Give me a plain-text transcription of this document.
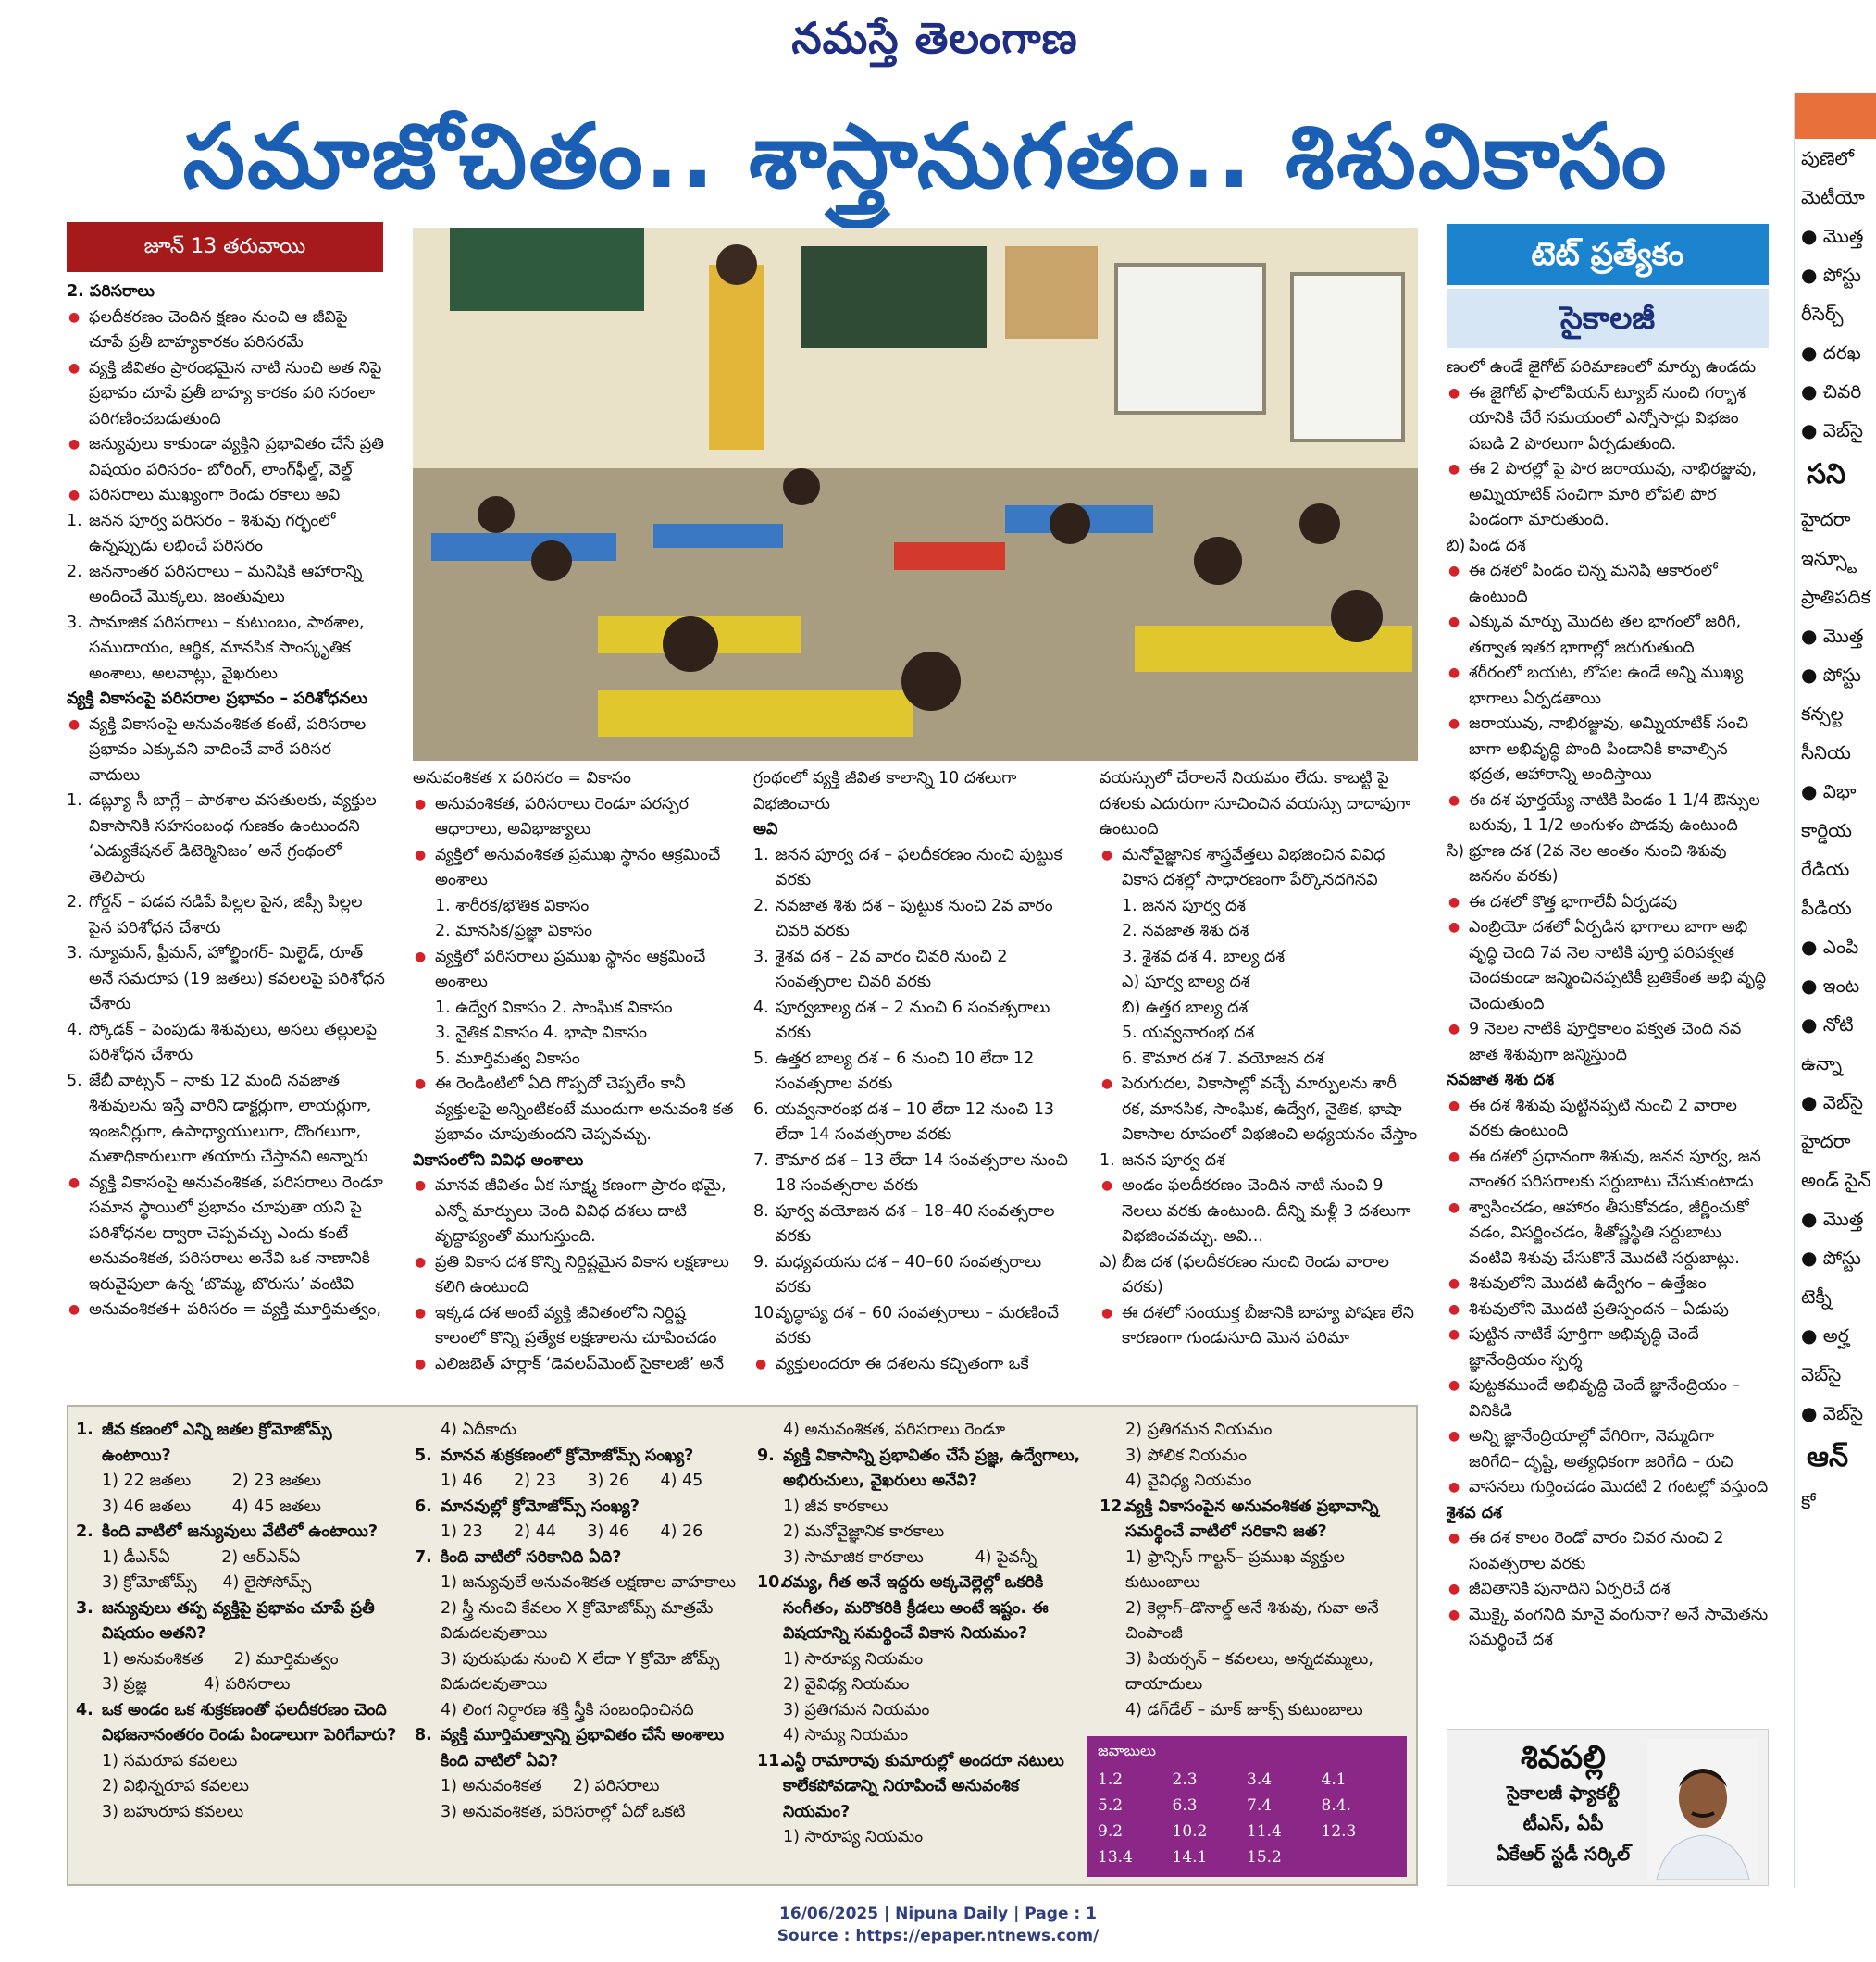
నమస్తే తెలంగాణ
సమాజోచితం.. శాస్త్రానుగతం.. శిశువికాసం
జూన్ 13 తరువాయి	టెట్ ప్రత్యేకం
సైకాలజీ
2. పరిసరాలు
● ఫలదీకరణం చెందిన క్షణం నుంచి ఆ జీవిపై చూపే ప్రతీ బాహ్యకారకం పరిసరమే
● వ్యక్తి జీవితం ప్రారంభమైన నాటి నుంచి అత నిపై ప్రభావం చూపే ప్రతీ బాహ్య కారకం పరి సరంలా పరిగణించబడుతుంది
● జన్యువులు కాకుండా వ్యక్తిని ప్రభావితం చేసే ప్రతి విషయం పరిసరం- బోరింగ్, లాంగ్‌ఫీల్డ్, వెల్డ్
● పరిసరాలు ముఖ్యంగా రెండు రకాలు అవి
1. జనన పూర్వ పరిసరం – శిశువు గర్భంలో ఉన్నప్పుడు లభించే పరిసరం
2. జననాంతర పరిసరాలు – మనిషికి ఆహారాన్ని అందించే మొక్కలు, జంతువులు
3. సామాజిక పరిసరాలు – కుటుంబం, పాఠశాల, సముదాయం, ఆర్థిక, మానసిక సాంస్కృతిక అంశాలు, అలవాట్లు, వైఖరులు
వ్యక్తి వికాసంపై పరిసరాల ప్రభావం – పరిశోధనలు
● వ్యక్తి వికాసంపై అనువంశికత కంటే, పరిసరాల ప్రభావం ఎక్కువని వాదించే వారే పరిసర వాదులు
1. డబ్ల్యూ సీ బాగ్లే – పాఠశాల వసతులకు, వ్యక్తుల వికాసానికి సహసంబంధ గుణకం ఉంటుందని ‘ఎడ్యుకేషనల్ డిటెర్మినిజం’ అనే గ్రంథంలో తెలిపారు
2. గోర్డన్ – పడవ నడిపే పిల్లల పైన, జిప్సీ పిల్లల పైన పరిశోధన చేశారు
3. న్యూమన్, ఫ్రీమన్, హోల్జింగర్- మిల్టెడ్, రూత్ అనే సమరూప (19 జతలు) కవలలపై పరిశోధన చేశారు
4. స్కోడక్ – పెంపుడు శిశువులు, అసలు తల్లులపై పరిశోధన చేశారు
5. జేబీ వాట్సన్ – నాకు 12 మంది నవజాత శిశువులను ఇస్తే వారిని డాక్టర్లుగా, లాయర్లుగా, ఇంజనీర్లుగా, ఉపాధ్యాయులుగా, దొంగలుగా, మతాధికారులుగా తయారు చేస్తానని అన్నారు
● వ్యక్తి వికాసంపై అనువంశికత, పరిసరాలు రెండూ సమాన స్థాయిలో ప్రభావం చూపుతా యని పై పరిశోధనల ద్వారా చెప్పవచ్చు ఎందు కంటే అనువంశికత, పరిసరాలు అనేవి ఒక నాణానికి ఇరువైపులా ఉన్న ‘బొమ్మ, బొరుసు’ వంటివి
● అనువంశికత+ పరిసరం = వ్యక్తి మూర్తిమత్వం,
అనువంశికత x పరిసరం = వికాసం
● అనువంశికత, పరిసరాలు రెండూ పరస్పర ఆధారాలు, అవిభాజ్యాలు
● వ్యక్తిలో అనువంశికత ప్రముఖ స్థానం ఆక్రమించే అంశాలు
1. శారీరక/భౌతిక వికాసం
2. మానసిక/ప్రజ్ఞా వికాసం
● వ్యక్తిలో పరిసరాలు ప్రముఖ స్థానం ఆక్రమించే అంశాలు
1. ఉద్వేగ వికాసం 2. సాంఘిక వికాసం
3. నైతిక వికాసం 4. భాషా వికాసం
5. మూర్తిమత్వ వికాసం
● ఈ రెండింటిలో ఏది గొప్పదో చెప్పలేం కానీ వ్యక్తులపై అన్నింటికంటే ముందుగా అనువంశి కత ప్రభావం చూపుతుందని చెప్పవచ్చు.
వికాసంలోని వివిధ అంశాలు
● మానవ జీవితం ఏక సూక్ష్మ కణంగా ప్రారం భమై, ఎన్నో మార్పులు చెంది వివిధ దశలు దాటి వృద్ధాప్యంతో ముగుస్తుంది.
● ప్రతి వికాస దశ కొన్ని నిర్దిష్టమైన వికాస లక్షణాలు కలిగి ఉంటుంది
● ఇక్కడ దశ అంటే వ్యక్తి జీవితంలోని నిర్దిష్ట కాలంలో కొన్ని ప్రత్యేక లక్షణాలను చూపించడం
● ఎలిజబెత్ హర్లాక్ ‘డెవలప్‌మెంట్ సైకాలజీ’ అనే
గ్రంథంలో వ్యక్తి జీవిత కాలాన్ని 10 దశలుగా విభజించారు
అవి
1. జనన పూర్వ దశ – ఫలదీకరణం నుంచి పుట్టుక వరకు
2. నవజాత శిశు దశ – పుట్టుక నుంచి 2వ వారం చివరి వరకు
3. శైశవ దశ – 2వ వారం చివరి నుంచి 2 సంవత్సరాల చివరి వరకు
4. పూర్వబాల్య దశ – 2 నుంచి 6 సంవత్సరాలు వరకు
5. ఉత్తర బాల్య దశ – 6 నుంచి 10 లేదా 12 సంవత్సరాల వరకు
6. యవ్వనారంభ దశ – 10 లేదా 12 నుంచి 13 లేదా 14 సంవత్సరాల వరకు
7. కౌమార దశ – 13 లేదా 14 సంవత్సరాల నుంచి 18 సంవత్సరాల వరకు
8. పూర్వ వయోజన దశ – 18–40 సంవత్సరాల వరకు
9. మధ్యవయసు దశ – 40–60 సంవత్సరాలు వరకు
10.
వృద్ధాప్య దశ – 60 సంవత్సరాలు – మరణించే వరకు
● వ్యక్తులందరూ ఈ దశలను కచ్చితంగా ఒకే
వయస్సులో చేరాలనే నియమం లేదు. కాబట్టి పై దశలకు ఎదురుగా సూచించిన వయస్సు దాదాపుగా ఉంటుంది
● మనోవైజ్ఞానిక శాస్త్రవేత్తలు విభజించిన వివిధ వికాస దశల్లో సాధారణంగా పేర్కొనదగినవి
1. జనన పూర్వ దశ
2. నవజాత శిశు దశ
3. శైశవ దశ 4. బాల్య దశ
ఎ) పూర్వ బాల్య దశ
బి) ఉత్తర బాల్య దశ
5. యవ్వనారంభ దశ
6. కౌమార దశ 7. వయోజన దశ
● పెరుగుదల, వికాసాల్లో వచ్చే మార్పులను శారీ రక, మానసిక, సాంఘిక, ఉద్వేగ, నైతిక, భాషా వికాసాల రూపంలో విభజించి అధ్యయనం చేస్తాం
1. జనన పూర్వ దశ
● అండం ఫలదీకరణం చెందిన నాటి నుంచి 9 నెలలు వరకు ఉంటుంది. దీన్ని మళ్లీ 3 దశలుగా విభజించవచ్చు. అవి...
ఎ) బీజ దశ (ఫలదీకరణం నుంచి రెండు వారాల వరకు)
● ఈ దశలో సంయుక్త బీజానికి బాహ్య పోషణ లేని కారణంగా గుండుసూది మొన పరిమా
ణంలో ఉండే జైగోట్ పరిమాణంలో మార్పు ఉండదు
● ఈ జైగోట్ ఫాలోపియన్ ట్యూబ్ నుంచి గర్భాశ యానికి చేరే సమయంలో ఎన్నోసార్లు విభజం పబడి 2 పొరలుగా ఏర్పడుతుంది.
● ఈ 2 పొరల్లో పై పొర జరాయువు, నాభిరజ్జువు, అమ్నియాటిక్ సంచిగా మారి లోపలి పొర పిండంగా మారుతుంది.
బి) పిండ దశ
● ఈ దశలో పిండం చిన్న మనిషి ఆకారంలో ఉంటుంది
● ఎక్కువ మార్పు మొదట తల భాగంలో జరిగి, తర్వాత ఇతర భాగాల్లో జరుగుతుంది
● శరీరంలో బయట, లోపల ఉండే అన్ని ముఖ్య భాగాలు ఏర్పడతాయి
● జరాయువు, నాభిరజ్జువు, అమ్నియాటిక్ సంచి బాగా అభివృద్ధి పొంది పిండానికి కావాల్సిన భద్రత, ఆహారాన్ని అందిస్తాయి
● ఈ దశ పూర్తయ్యే నాటికి పిండం 1 1/4 ఔన్సుల బరువు, 1 1/2 అంగుళం పొడవు ఉంటుంది
సి) భ్రూణ దశ (2వ నెల అంతం నుంచి శిశువు జననం వరకు)
● ఈ దశలో కొత్త భాగాలేవీ ఏర్పడవు
● ఎంబ్రియో దశలో ఏర్పడిన భాగాలు బాగా అభి వృద్ధి చెంది 7వ నెల నాటికి పూర్తి పరిపక్వత చెందకుండా జన్మించినప్పటికీ బ్రతికేంత అభి వృద్ధి చెందుతుంది
● 9 నెలల నాటికి పూర్తికాలం పక్వత చెంది నవ జాత శిశువుగా జన్మిస్తుంది
నవజాత శిశు దశ
● ఈ దశ శిశువు పుట్టినప్పటి నుంచి 2 వారాల వరకు ఉంటుంది
● ఈ దశలో ప్రధానంగా శిశువు, జనన పూర్వ, జన నాంతర పరిసరాలకు సర్దుబాటు చేసుకుంటాడు
● శ్వాసించడం, ఆహారం తీసుకోవడం, జీర్ణించుకో వడం, విసర్జించడం, శీతోష్ణస్థితి సర్దుబాటు వంటివి శిశువు చేసుకొనే మొదటి సర్దుబాట్లు.
● శిశువులోని మొదటి ఉద్వేగం – ఉత్తేజం
● శిశువులోని మొదటి ప్రతిస్పందన – ఏడుపు
● పుట్టిన నాటికే పూర్తిగా అభివృద్ధి చెందే జ్ఞానేంద్రియం స్పర్శ
● పుట్టకముందే అభివృద్ధి చెందే జ్ఞానేంద్రియం – వినికిడి
● అన్ని జ్ఞానేంద్రియాల్లో వేగిరిగా, నెమ్మదిగా జరిగేది– దృష్టి, అత్యధికంగా జరిగేది – రుచి
● వాసనలు గుర్తించడం మొదటి 2 గంటల్లో వస్తుంది
శైశవ దశ
● ఈ దశ కాలం రెండో వారం చివర నుంచి 2 సంవత్సరాల వరకు
● జీవితానికి పునాదిని ఏర్పరిచే దశ
● మొక్కై వంగనిది మానై వంగునా? అనే సామెతను సమర్థించే దశ
1. జీవ కణంలో ఎన్ని జతల క్రోమోజోమ్స్ ఉంటాయి?
1) 22 జతలు        2) 23 జతలు
3) 46 జతలు        4) 45 జతలు
2. కింది వాటిలో జన్యువులు వేటిలో ఉంటాయి?
1) డీఎన్ఏ          2) ఆర్ఎన్ఏ
3) క్రోమోజోమ్స్     4) లైసోసోమ్స్
3. జన్యువులు తప్ప వ్యక్తిపై ప్రభావం చూపే ప్రతీ విషయం అతని?
1) అనువంశికత      2) మూర్తిమత్వం
3) ప్రజ్ఞ           4) పరిసరాలు
4. ఒక అండం ఒక శుక్రకణంతో ఫలదీకరణం చెంది విభజనానంతరం రెండు పిండాలుగా పెరిగేవారు?
1) సమరూప కవలలు
2) విభిన్నరూప కవలలు
3) బహురూప కవలలు
4) ఏదీకాదు
5. మానవ శుక్రకణంలో క్రోమోజోమ్స్ సంఖ్య?
1) 46      2) 23      3) 26      4) 45
6. మానవుల్లో క్రోమోజోమ్స్ సంఖ్య?
1) 23      2) 44      3) 46      4) 26
7. కింది వాటిలో సరికానిది ఏది?
1) జన్యువులే అనువంశికత లక్షణాల వాహకాలు
2) స్త్రీ నుంచి కేవలం X క్రోమోజోమ్స్ మాత్రమే విడుదలవుతాయి
3) పురుషుడు నుంచి X లేదా Y క్రోమో జోమ్స్ విడుదలవుతాయి
4) లింగ నిర్ధారణ శక్తి స్త్రీకి సంబంధించినది
8. వ్యక్తి మూర్తిమత్వాన్ని ప్రభావితం చేసే అంశాలు కింది వాటిలో ఏవి?
1) అనువంశికత      2) పరిసరాలు
3) అనువంశికత, పరిసరాల్లో ఏదో ఒకటి
4) అనువంశికత, పరిసరాలు రెండూ
9. వ్యక్తి వికాసాన్ని ప్రభావితం చేసే ప్రజ్ఞ, ఉద్వేగాలు, అభిరుచులు, వైఖరులు అనేవి?
1) జీవ కారకాలు
2) మనోవైజ్ఞానిక కారకాలు
3) సామాజిక కారకాలు          4) పైవన్నీ
10.
రమ్య, గీత అనే ఇద్దరు అక్కచెల్లెల్లో ఒకరికి సంగీతం, మరొకరికి క్రీడలు అంటే ఇష్టం. ఈ విషయాన్ని సమర్థించే వికాస నియమం?
1) సారూప్య నియమం
2) వైవిధ్య నియమం
3) ప్రతిగమన నియమం
4) సామ్య నియమం
11.
ఎన్టీ రామారావు కుమారుల్లో అందరూ నటులు కాలేకపోవడాన్ని నిరూపించే అనువంశిక నియమం?
1) సారూప్య నియమం
2) ప్రతిగమన నియమం
3) పోలిక నియమం
4) వైవిధ్య నియమం
12.
వ్యక్తి వికాసంపైన అనువంశికత ప్రభావాన్ని సమర్థించే వాటిలో సరికాని జత?
1) ఫ్రాన్సిస్ గాల్టన్– ప్రముఖ వ్యక్తుల కుటుంబాలు
2) కెల్లాగ్–డొనాల్డ్ అనే శిశువు, గువా అనే చింపాంజీ
3) పియర్సన్ – కవలలు, అన్నదమ్ములు, దాయాదులు
4) డగ్‌డేల్ – మాక్ జూక్స్ కుటుంబాలు
జవాబులు
1.2	2.3	3.4	4.1
5.2	6.3	7.4	8.4.
9.2	10.2	11.4	12.3
13.4	14.1	15.2
శివపల్లి
సైకాలజీ ఫ్యాకల్టీ
టీఎస్, ఏపీ
ఏకేఆర్ స్టడీ సర్కిల్
పుణెలో
మెటీయో
● మొత్త
● పోస్టు
రీసెర్చ్
● దరఖ
● చివరి
● వెబ్‌సై
సని
హైదరా
ఇన్స్టూ
ప్రాతిపదిక
● మొత్త
● పోస్టు
కన్సల్ట
సీనియ
● విభా
కార్డియ
రేడియ
పీడియ
● ఎంపి
● ఇంట
● నోటి
ఉన్నా
● వెబ్‌సై
హైదరా
అండ్ సైన్
● మొత్త
● పోస్టు
టెక్నీ
● అర్హ
వెబ్‌సై
● వెబ్‌సై
ఆన్
కో
16/06/2025 | Nipuna Daily | Page : 1
Source : https://epaper.ntnews.com/
